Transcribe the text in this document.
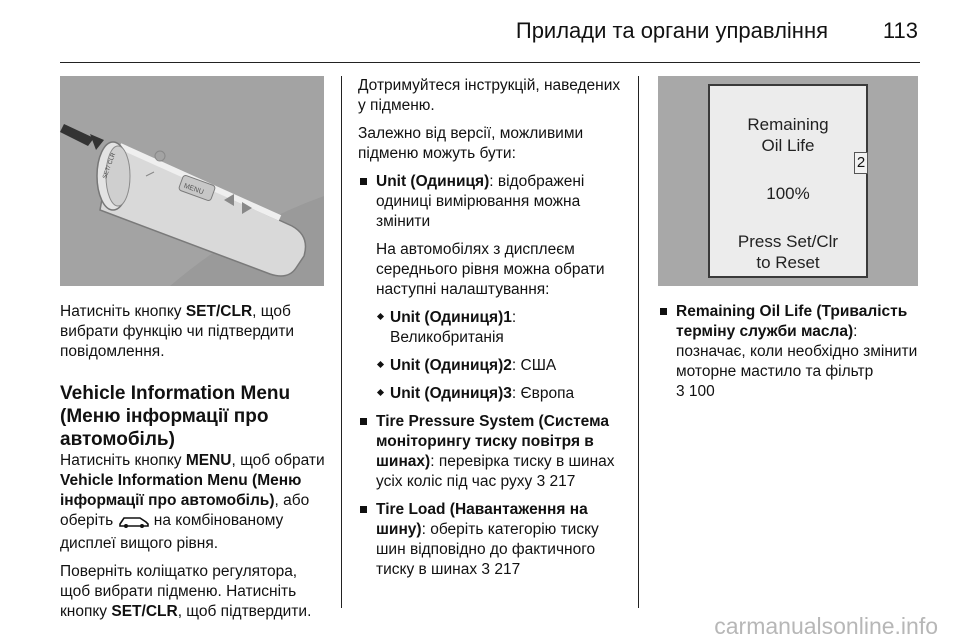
Прилади та органи управління 113
SET/ CLR
MENU

Натисніть кнопку SET/CLR, щоб вибрати функцію чи підтвердити повідомлення.

Vehicle Information Menu (Меню інформації про автомобіль)

Натисніть кнопку MENU, щоб обрати Vehicle Information Menu (Меню інформації про автомобіль), або оберіть  на комбінованому дисплеї вищого рівня.

Поверніть коліщатко регулятора, щоб вибрати підменю. Натисніть кнопку SET/CLR, щоб підтвердити.

Дотримуйтеся інструкцій, наведених у підменю.

Залежно від версії, можливими підменю можуть бути:

Unit (Одиниця): відображені одиниці вимірювання можна змінити
На автомобілях з дисплеєм середнього рівня можна обрати наступні налаштування:
Unit (Одиниця)1: Великобританія
Unit (Одиниця)2: США
Unit (Одиниця)3: Європа
Tire Pressure System (Система моніторингу тиску повітря в шинах): перевірка тиску в шинах усіх коліс під час руху 3 217
Tire Load (Навантаження на шину): оберіть категорію тиску шин відповідно до фактичного тиску в шинах 3 217
Remaining
Oil Life
100%
Press Set/Clr
to Reset
2
Remaining Oil Life (Тривалість терміну служби масла): позначає, коли необхідно змінити моторне мастило та фільтр
3 100
carmanualsonline.info
